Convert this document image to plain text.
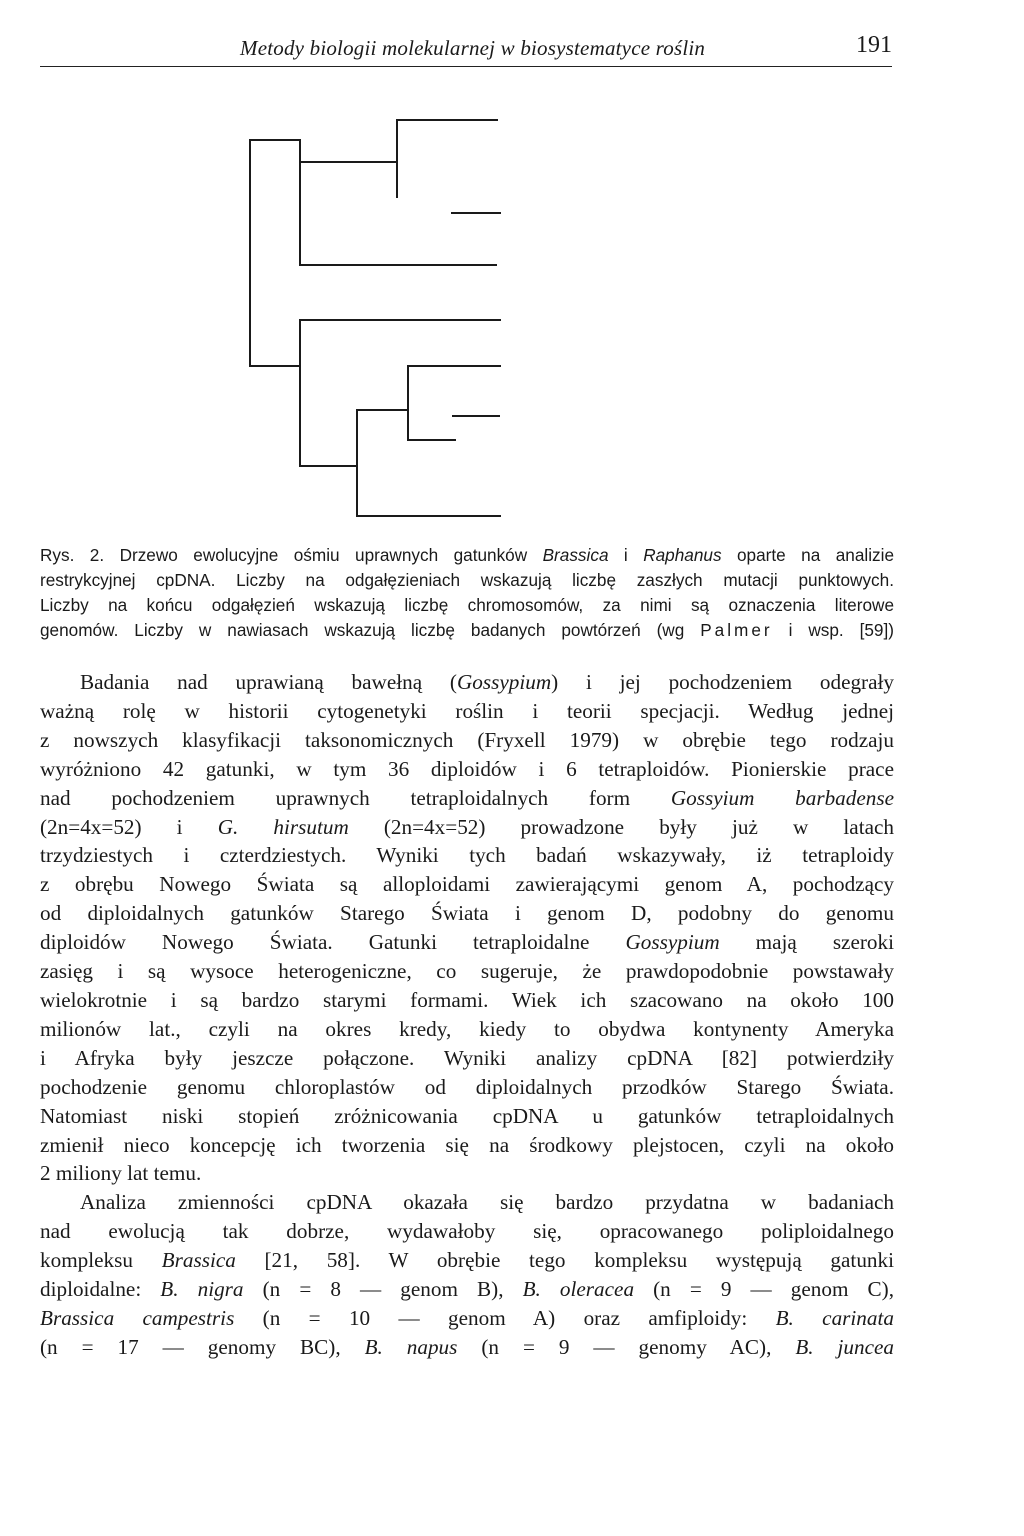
Metody biologii molekularnej w biosystematyce roślin	191
Rys. 2. Drzewo ewolucyjne ośmiu uprawnych gatunków Brassica i Raphanus oparte na analizie
restrykcyjnej cpDNA. Liczby na odgałęzieniach wskazują liczbę zaszłych mutacji punktowych.
Liczby na końcu odgałęzień wskazują liczbę chromosomów, za nimi są oznaczenia literowe
genomów. Liczby w nawiasach wskazują liczbę badanych powtórzeń (wg Palmer i wsp. [59])
Badania nad uprawianą bawełną (Gossypium) i jej pochodzeniem odegrały
ważną rolę w historii cytogenetyki roślin i teorii specjacji. Według jednej
z nowszych klasyfikacji taksonomicznych (Fryxell 1979) w obrębie tego rodzaju
wyróżniono 42 gatunki, w tym 36 diploidów i 6 tetraploidów. Pionierskie prace
nad pochodzeniem uprawnych tetraploidalnych form Gossyium barbadense
(2n=4x=52) i G. hirsutum (2n=4x=52) prowadzone były już w latach
trzydziestych i czterdziestych. Wyniki tych badań wskazywały, iż tetraploidy
z obrębu Nowego Świata są alloploidami zawierającymi genom A, pochodzący
od diploidalnych gatunków Starego Świata i genom D, podobny do genomu
diploidów Nowego Świata. Gatunki tetraploidalne Gossypium mają szeroki
zasięg i są wysoce heterogeniczne, co sugeruje, że prawdopodobnie powstawały
wielokrotnie i są bardzo starymi formami. Wiek ich szacowano na około 100
milionów lat., czyli na okres kredy, kiedy to obydwa kontynenty Ameryka
i Afryka były jeszcze połączone. Wyniki analizy cpDNA [82] potwierdziły
pochodzenie genomu chloroplastów od diploidalnych przodków Starego Świata.
Natomiast niski stopień zróżnicowania cpDNA u gatunków tetraploidalnych
zmienił nieco koncepcję ich tworzenia się na środkowy plejstocen, czyli na około
2 miliony lat temu.
Analiza zmienności cpDNA okazała się bardzo przydatna w badaniach
nad ewolucją tak dobrze, wydawałoby się, opracowanego poliploidalnego
kompleksu Brassica [21, 58]. W obrębie tego kompleksu występują gatunki
diploidalne: B. nigra (n = 8 — genom B), B. oleracea (n = 9 — genom C),
Brassica campestris (n = 10 — genom A) oraz amfiploidy: B. carinata
(n = 17 — genomy BC), B. napus (n = 9 — genomy AC), B. juncea
